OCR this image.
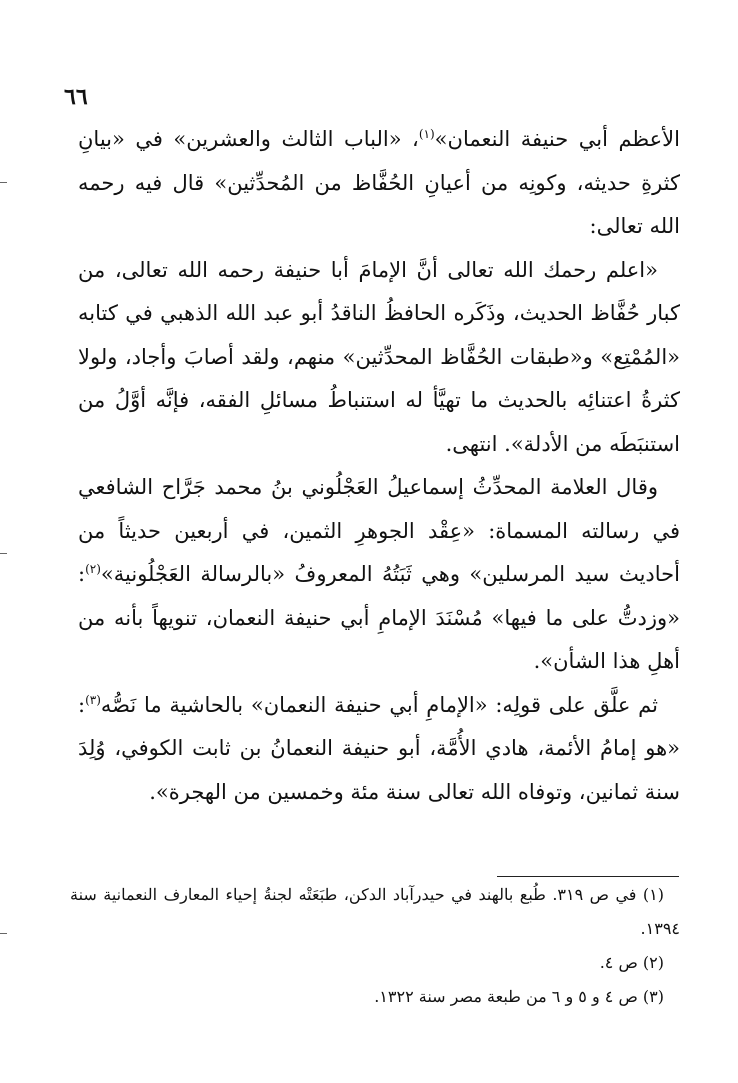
٦٦

الأعظم أبي حنيفة النعمان»$^{(١)}$، «الباب الثالث والعشرين» في «بيانِ كثرةِ حديثه، وكونِه من أعيانِ الحُفَّاظ من المُحدِّثين» قال فيه رحمه الله تعالى:

«اعلم رحمك الله تعالى أنَّ الإمامَ أبا حنيفة رحمه الله تعالى، من كبار حُفَّاظ الحديث، وذَكَره الحافظُ الناقدُ أبو عبد الله الذهبي في كتابه «المُمْتِع» و«طبقات الحُفَّاظ المحدِّثين» منهم، ولقد أصابَ وأجاد، ولولا كثرةُ اعتنائِه بالحديث ما تهيَّأ له استنباطُ مسائلِ الفقه، فإنَّه أوَّلُ من استنبَطَه من الأدلة». انتهى.

وقال العلامة المحدِّثُ إسماعيلُ العَجْلُوني بنُ محمد جَرَّاح الشافعي في رسالته المسماة: «عِقْد الجوهرِ الثمين، في أربعين حديثاً من أحاديث سيد المرسلين» وهي ثَبَتُهُ المعروفُ «بالرسالة العَجْلُونية»$^{(٢)}$: «وزدتُّ على ما فيها» مُسْنَدَ الإمامِ أبي حنيفة النعمان، تنويهاً بأنه من أهلِ هذا الشأن».

ثم علَّق على قولِه: «الإمامِ أبي حنيفة النعمان» بالحاشية ما نَصُّه$^{(٣)}$: «هو إمامُ الأئمة، هادي الأُمَّة، أبو حنيفة النعمانُ بن ثابت الكوفي، وُلِدَ سنة ثمانين، وتوفاه الله تعالى سنة مئة وخمسين من الهجرة».

(١) في ص ٣١٩. طُبع بالهند في حيدرآباد الدكن، طبَعَتْه لجنةُ إحياء المعارف النعمانية سنة ١٣٩٤.

(٢) ص ٤.

(٣) ص ٤ و ٥ و ٦ من طبعة مصر سنة ١٣٢٢.
